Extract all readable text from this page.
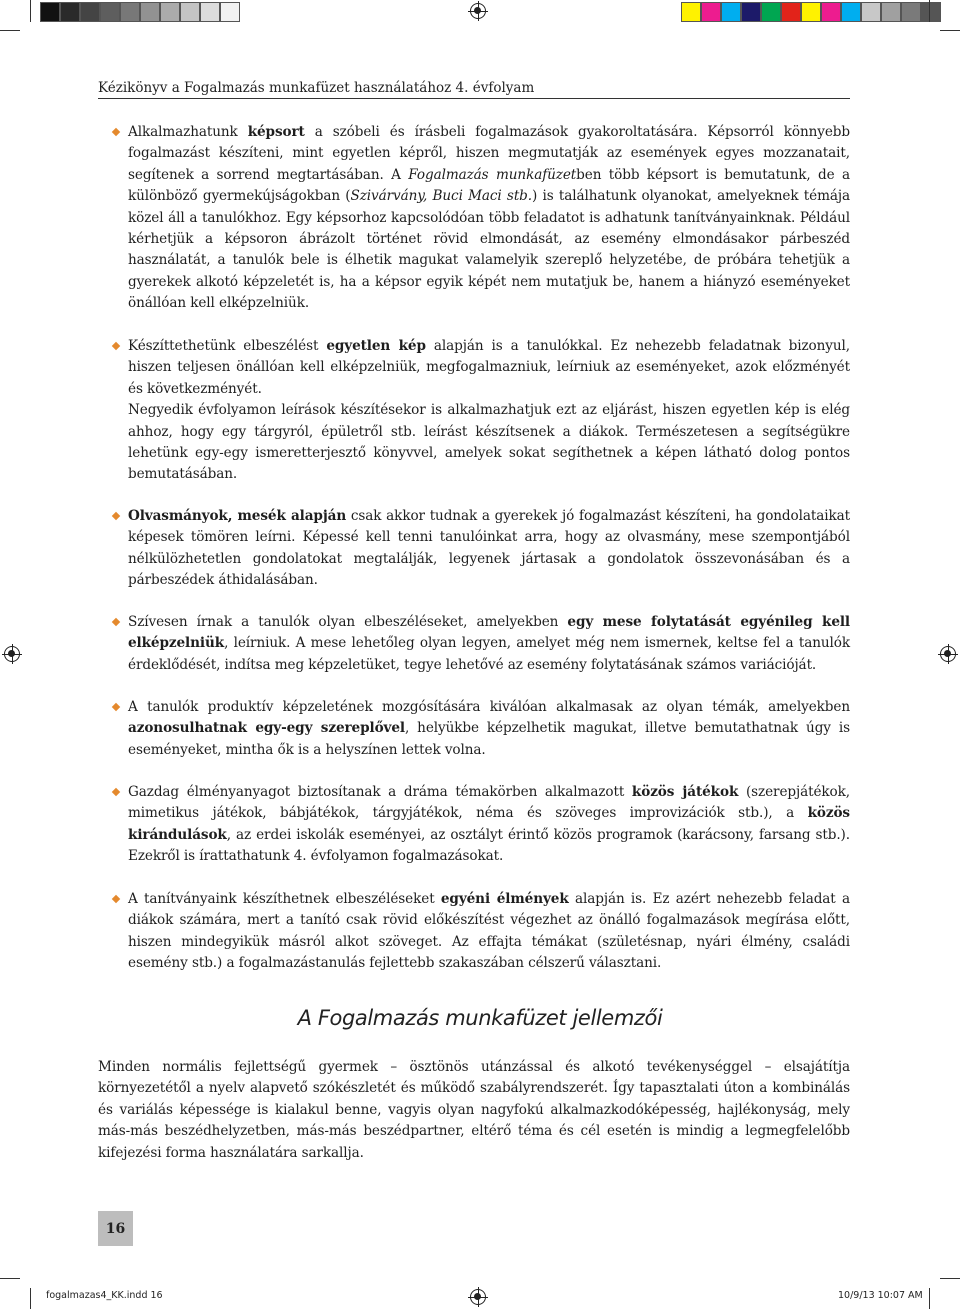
Kézikönyv a Fogalmazás munkafüzet használatához 4. évfolyam

Alkalmazhatunk képsort a szóbeli és írásbeli fogalmazások gyakoroltatására. Képsorról könnyebb fogalmazást készíteni, mint egyetlen képről, hiszen megmutatják az események egyes mozzanatait, segítenek a sorrend megtartásában. A Fogalmazás munkafüzetben több képsort is bemutatunk, de a különböző gyermekújságokban (Szivárvány, Buci Maci stb.) is találhatunk olyanokat, amelyeknek témája közel áll a tanulókhoz. Egy képsorhoz kapcsolódóan több feladatot is adhatunk tanítványainknak. Például kérhetjük a képsoron ábrázolt történet rövid elmondását, az esemény elmondásakor párbeszéd használatát, a tanulók bele is élhetik magukat valamelyik szereplő helyzetébe, de próbára tehetjük a gyerekek alkotó képzeletét is, ha a képsor egyik képét nem mutatjuk be, hanem a hiányzó eseményeket önállóan kell elképzelniük.

Készíttethetünk elbeszélést egyetlen kép alapján is a tanulókkal. Ez nehezebb feladatnak bizonyul, hiszen teljesen önállóan kell elképzelniük, megfogalmazniuk, leírniuk az eseményeket, azok előzményét és következményét.

Negyedik évfolyamon leírások készítésekor is alkalmazhatjuk ezt az eljárást, hiszen egyetlen kép is elég ahhoz, hogy egy tárgyról, épületről stb. leírást készítsenek a diákok. Természetesen a segítségükre lehetünk egy-egy ismeretterjesztő könyvvel, amelyek sokat segíthetnek a képen látható dolog pontos bemutatásában.

Olvasmányok, mesék alapján csak akkor tudnak a gyerekek jó fogalmazást készíteni, ha gondolataikat képesek tömören leírni. Képessé kell tenni tanulóinkat arra, hogy az olvasmány, mese szempontjából nélkülözhetetlen gondolatokat megtalálják, legyenek jártasak a gondolatok összevonásában és a párbeszédek áthidalásában.

Szívesen írnak a tanulók olyan elbeszéléseket, amelyekben egy mese folytatását egyénileg kell elképzelniük, leírniuk. A mese lehetőleg olyan legyen, amelyet még nem ismernek, keltse fel a tanulók érdeklődését, indítsa meg képzeletüket, tegye lehetővé az esemény folytatásának számos variációját.

A tanulók produktív képzeletének mozgósítására kiválóan alkalmasak az olyan témák, amelyekben azonosulhatnak egy-egy szereplővel, helyükbe képzelhetik magukat, illetve bemutathatnak úgy is eseményeket, mintha ők is a helyszínen lettek volna.

Gazdag élményanyagot biztosítanak a dráma témakörben alkalmazott közös játékok (szerepjátékok, mimetikus játékok, bábjátékok, tárgyjátékok, néma és szöveges improvizációk stb.), a közös kirándulások, az erdei iskolák eseményei, az osztályt érintő közös programok (karácsony, farsang stb.). Ezekről is írattathatunk 4. évfolyamon fogalmazásokat.

A tanítványaink készíthetnek elbeszéléseket egyéni élmények alapján is. Ez azért nehezebb feladat a diákok számára, mert a tanító csak rövid előkészítést végezhet az önálló fogalmazások megírása előtt, hiszen mindegyikük másról alkot szöveget. Az effajta témákat (születésnap, nyári élmény, családi esemény stb.) a fogalmazástanulás fejlettebb szakaszában célszerű választani.

A Fogalmazás munkafüzet jellemzői

Minden normális fejlettségű gyermek – ösztönös utánzással és alkotó tevékenységgel – elsajátítja környezetétől a nyelv alapvető szókészletét és működő szabályrendszerét. Így tapasztalati úton a kombinálás és variálás képessége is kialakul benne, vagyis olyan nagyfokú alkalmazkodóképesség, hajlékonyság, mely más-más beszédhelyzetben, más-más beszédpartner, eltérő téma és cél esetén is mindig a legmegfelelőbb kifejezési forma használatára sarkallja.

16
fogalmazas4_KK.indd 16	10/9/13 10:07 AM
